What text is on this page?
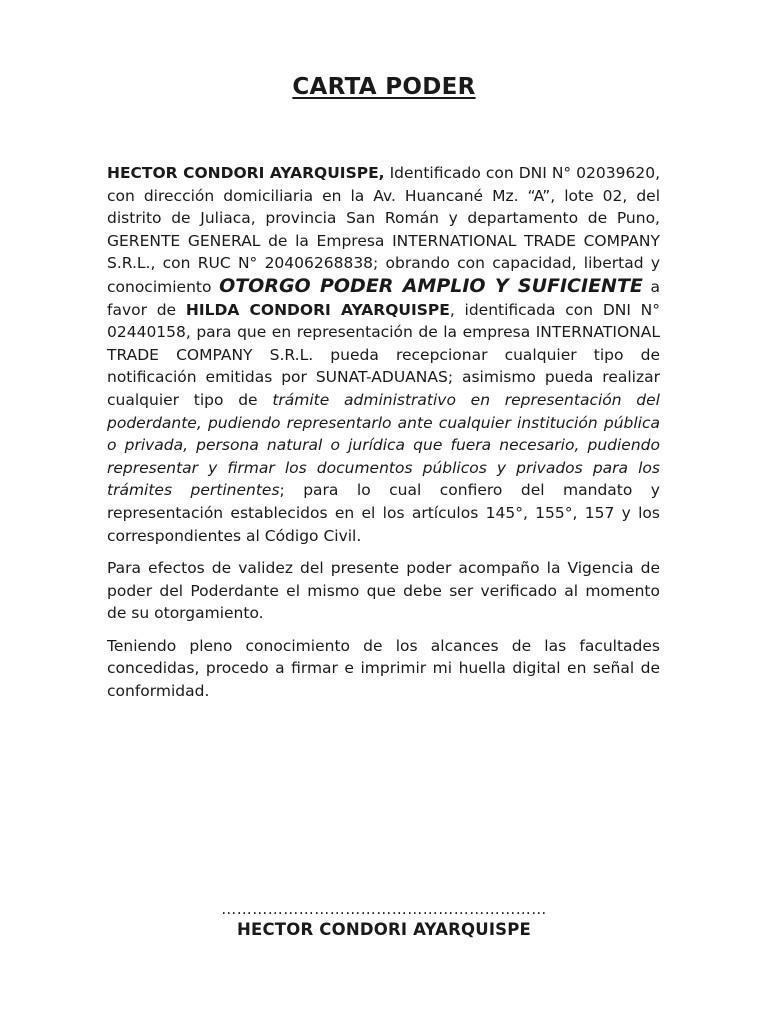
CARTA PODER

HECTOR CONDORI AYARQUISPE, Identificado con DNI N° 02039620, con dirección domiciliaria en la Av. Huancané Mz. “A”, lote 02, del distrito de Juliaca, provincia San Román y departamento de Puno, GERENTE GENERAL de la Empresa INTERNATIONAL TRADE COMPANY S.R.L., con RUC N° 20406268838; obrando con capacidad, libertad y conocimiento OTORGO PODER AMPLIO Y SUFICIENTE a favor de HILDA CONDORI AYARQUISPE, identificada con DNI N° 02440158, para que en representación de la empresa INTERNATIONAL TRADE COMPANY S.R.L. pueda recepcionar cualquier tipo de notificación emitidas por SUNAT-ADUANAS; asimismo pueda realizar cualquier tipo de trámite administrativo en representación del poderdante, pudiendo representarlo ante cualquier institución pública o privada, persona natural o jurídica que fuera necesario, pudiendo representar y firmar los documentos públicos y privados para los trámites pertinentes; para lo cual confiero del mandato y representación establecidos en el los artículos 145°, 155°, 157 y los correspondientes al Código Civil.

Para efectos de validez del presente poder acompaño la Vigencia de poder del Poderdante el mismo que debe ser verificado al momento de su otorgamiento.

Teniendo pleno conocimiento de los alcances de las facultades concedidas, procedo a firmar e imprimir mi huella digital en señal de conformidad.

………………………………………………………
HECTOR CONDORI AYARQUISPE
